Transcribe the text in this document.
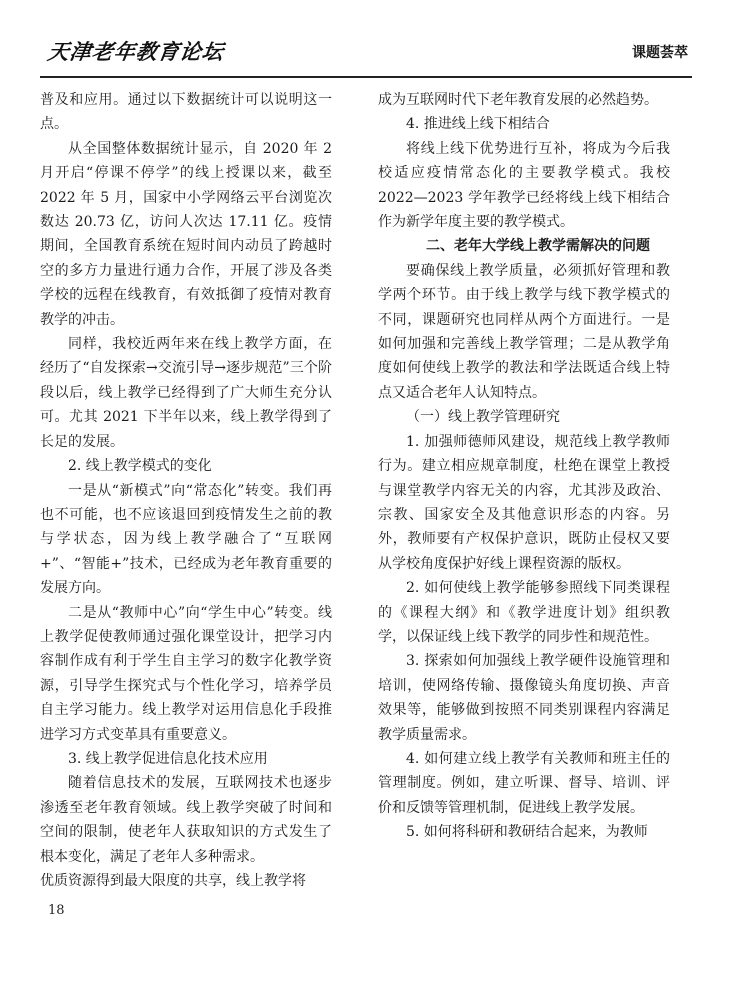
天津老年教育论坛	课题荟萃

普及和应用。通过以下数据统计可以说明这一点。

从全国整体数据统计显示，自 2020 年 2 月开启“停课不停学”的线上授课以来，截至 2022 年 5 月，国家中小学网络云平台浏览次数达 20.73 亿，访问人次达 17.11 亿。疫情期间，全国教育系统在短时间内动员了跨越时空的多方力量进行通力合作，开展了涉及各类学校的远程在线教育，有效抵御了疫情对教育教学的冲击。

同样，我校近两年来在线上教学方面，在经历了“自发探索→交流引导→逐步规范”三个阶段以后，线上教学已经得到了广大师生充分认可。尤其 2021 下半年以来，线上教学得到了长足的发展。

2. 线上教学模式的变化

一是从“新模式”向“常态化”转变。我们再也不可能，也不应该退回到疫情发生之前的教与学状态，因为线上教学融合了“互联网+”、“智能+”技术，已经成为老年教育重要的发展方向。

二是从“教师中心”向“学生中心”转变。线上教学促使教师通过强化课堂设计，把学习内容制作成有利于学生自主学习的数字化教学资源，引导学生探究式与个性化学习，培养学员自主学习能力。线上教学对运用信息化手段推进学习方式变革具有重要意义。

3. 线上教学促进信息化技术应用

随着信息技术的发展，互联网技术也逐步渗透至老年教育领域。线上教学突破了时间和空间的限制，使老年人获取知识的方式发生了根本变化，满足了老年人多种需求。

优质资源得到最大限度的共享，线上教学将

成为互联网时代下老年教育发展的必然趋势。

4. 推进线上线下相结合

将线上线下优势进行互补，将成为今后我校适应疫情常态化的主要教学模式。我校 2022—2023 学年教学已经将线上线下相结合作为新学年度主要的教学模式。

二、老年大学线上教学需解决的问题

要确保线上教学质量，必须抓好管理和教学两个环节。由于线上教学与线下教学模式的不同，课题研究也同样从两个方面进行。一是如何加强和完善线上教学管理；二是从教学角度如何使线上教学的教法和学法既适合线上特点又适合老年人认知特点。

（一）线上教学管理研究

1. 加强师德师风建设，规范线上教学教师行为。建立相应规章制度，杜绝在课堂上教授与课堂教学内容无关的内容，尤其涉及政治、宗教、国家安全及其他意识形态的内容。另外，教师要有产权保护意识，既防止侵权又要从学校角度保护好线上课程资源的版权。

2. 如何使线上教学能够参照线下同类课程的《课程大纲》和《教学进度计划》组织教学，以保证线上线下教学的同步性和规范性。

3. 探索如何加强线上教学硬件设施管理和培训，使网络传输、摄像镜头角度切换、声音效果等，能够做到按照不同类别课程内容满足教学质量需求。

4. 如何建立线上教学有关教师和班主任的管理制度。例如，建立听课、督导、培训、评价和反馈等管理机制，促进线上教学发展。

5. 如何将科研和教研结合起来，为教师

18
